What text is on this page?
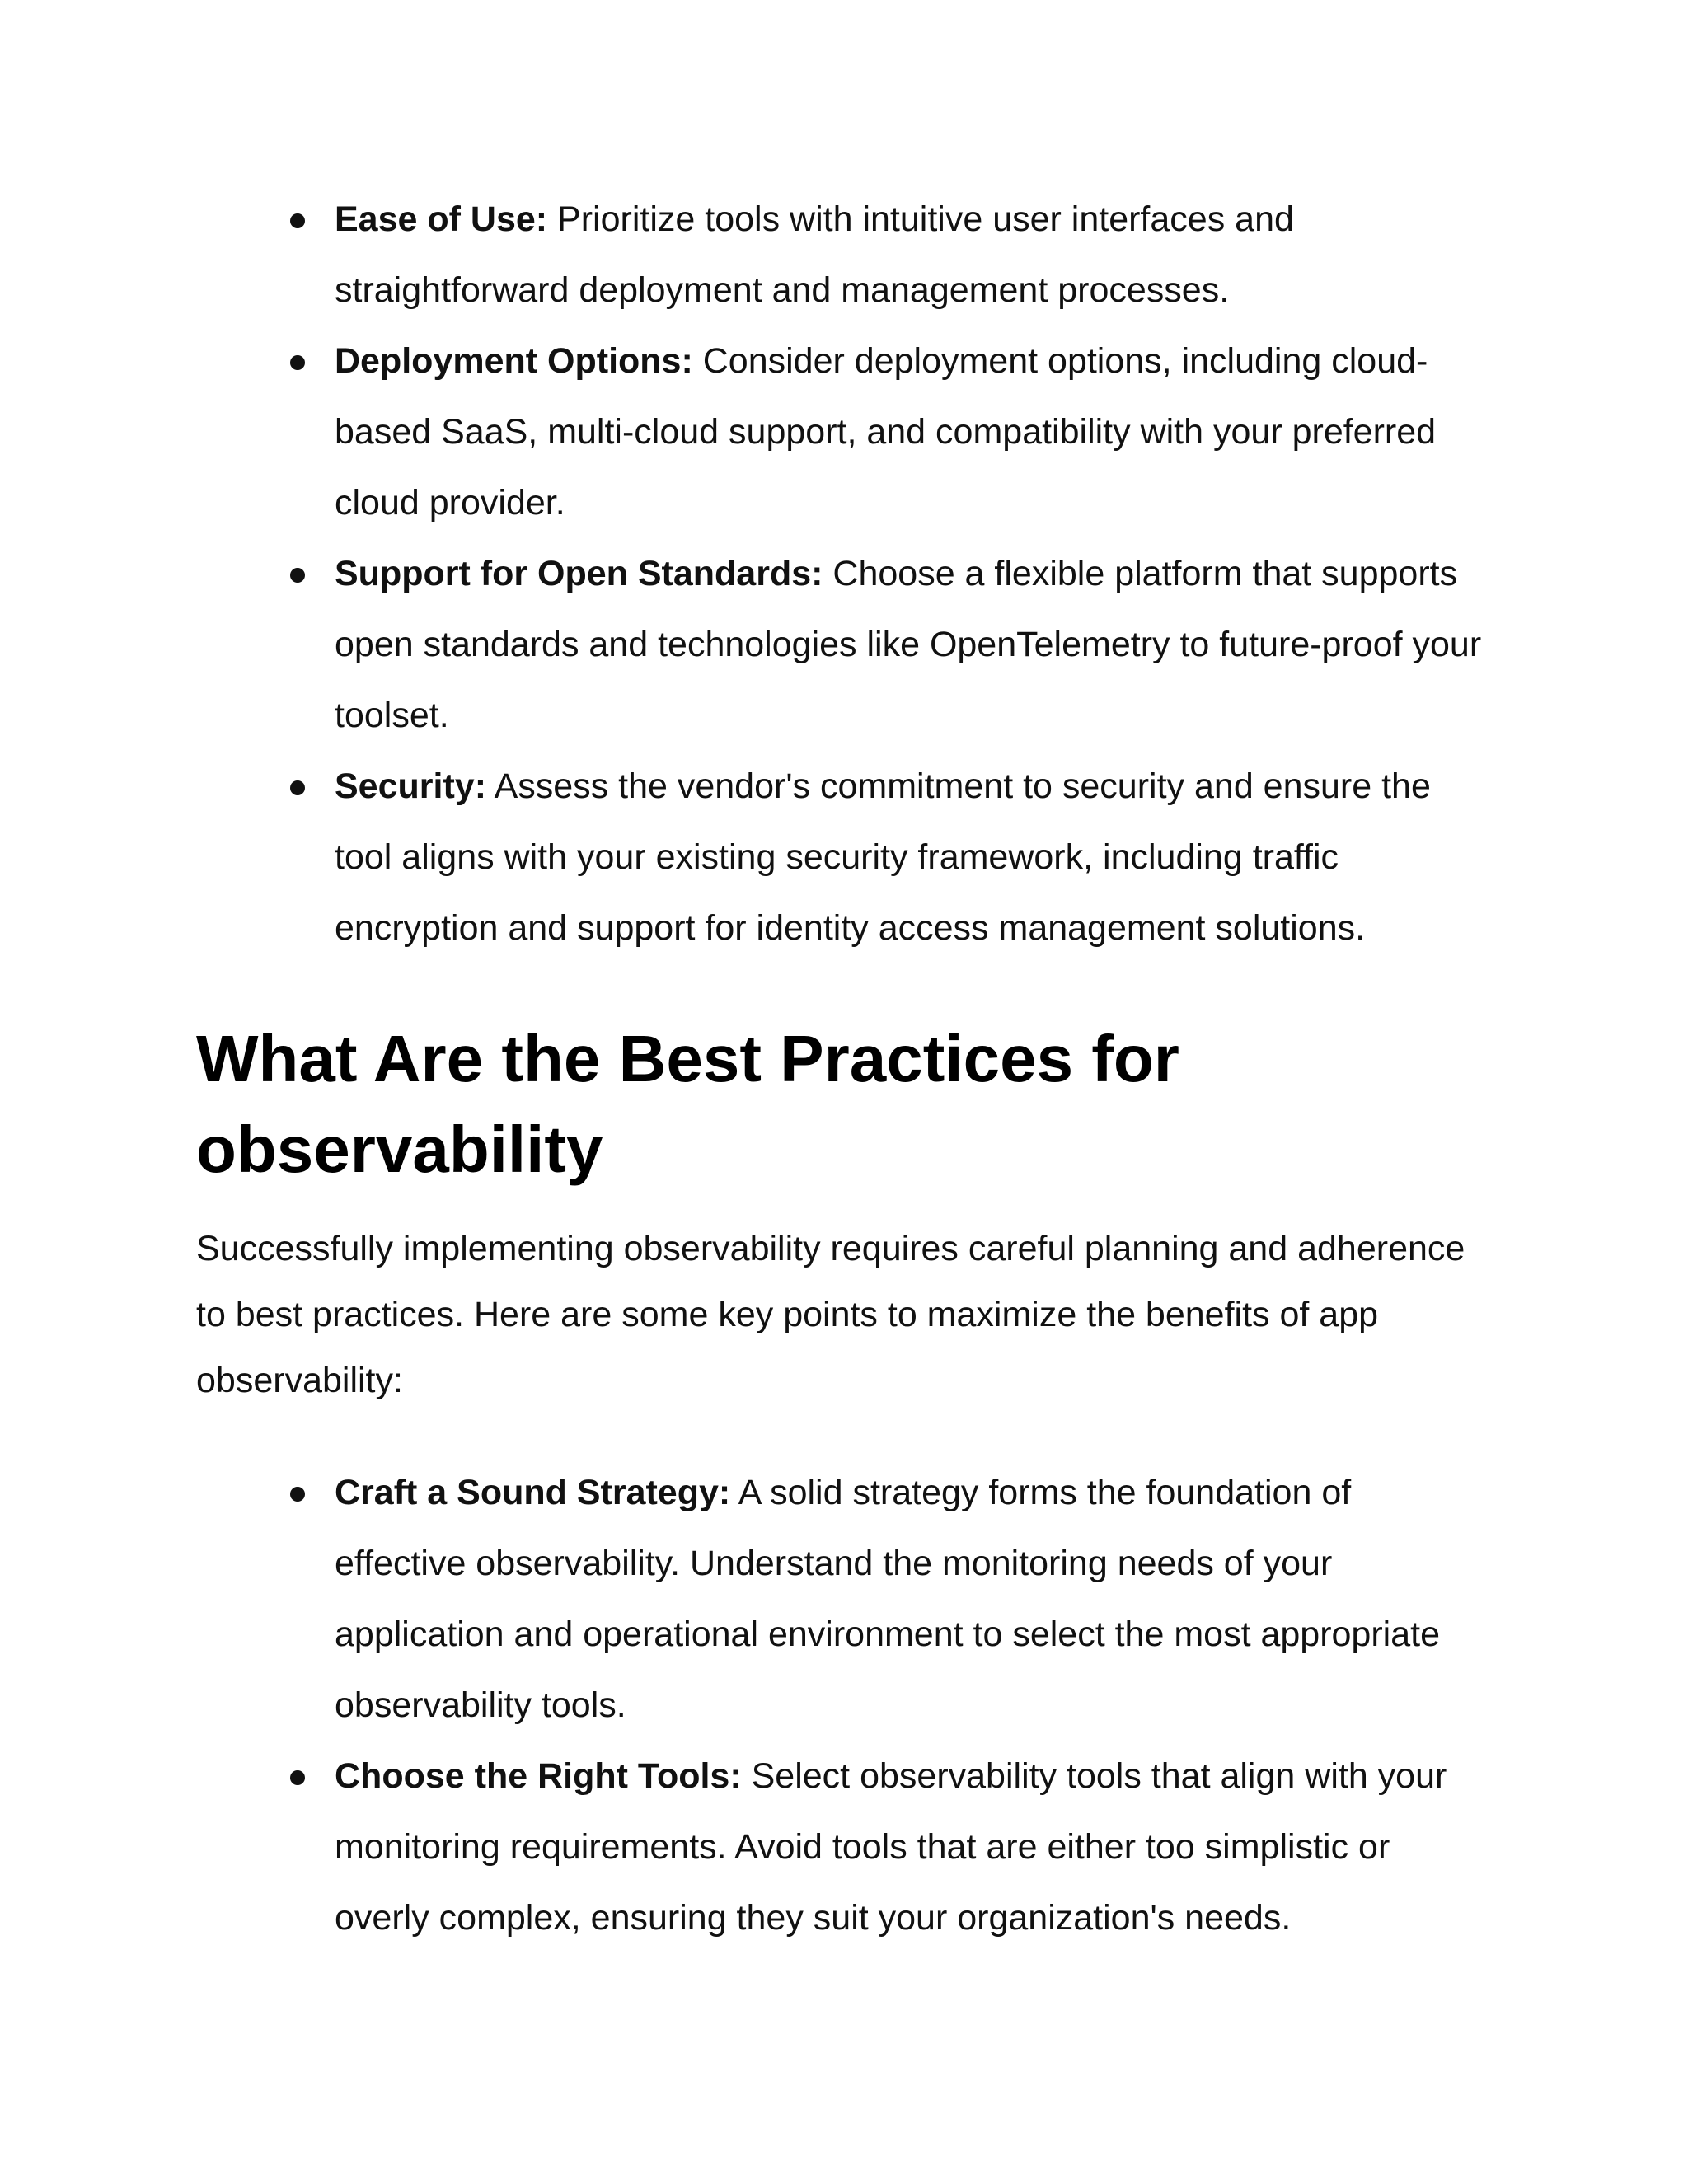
Ease of Use: Prioritize tools with intuitive user interfaces and straightforward deployment and management processes.
Deployment Options: Consider deployment options, including cloud-based SaaS, multi-cloud support, and compatibility with your preferred cloud provider.
Support for Open Standards: Choose a flexible platform that supports open standards and technologies like OpenTelemetry to future-proof your toolset.
Security: Assess the vendor's commitment to security and ensure the tool aligns with your existing security framework, including traffic encryption and support for identity access management solutions.
What Are the Best Practices for observability

Successfully implementing observability requires careful planning and adherence to best practices. Here are some key points to maximize the benefits of app observability:

Craft a Sound Strategy: A solid strategy forms the foundation of effective observability. Understand the monitoring needs of your application and operational environment to select the most appropriate observability tools.
Choose the Right Tools: Select observability tools that align with your monitoring requirements. Avoid tools that are either too simplistic or overly complex, ensuring they suit your organization's needs.
